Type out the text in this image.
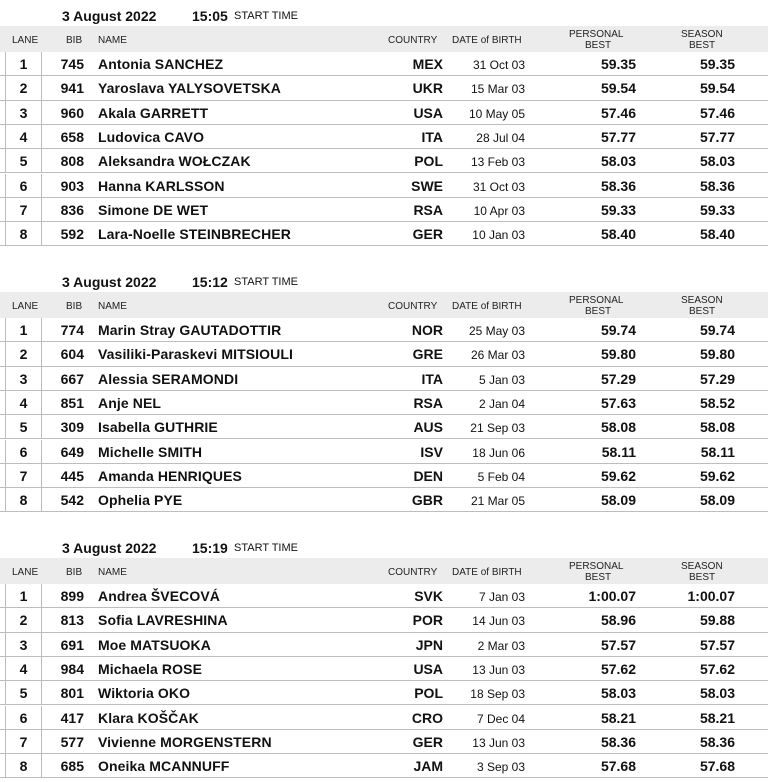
3 August 2022	15:05 START TIME
LANE	BIB NAME	COUNTRY DATE of BIRTH
PERSONAL
BEST
SEASON
BEST
1	745 Antonia SANCHEZ	MEX	31 Oct 03	59.35	59.35
2	941 Yaroslava YALYSOVETSKA	UKR	15 Mar 03	59.54	59.54
3	960 Akala GARRETT	USA	10 May 05	57.46	57.46
4	658 Ludovica CAVO	ITA	28 Jul 04	57.77	57.77
5	808 Aleksandra WOŁCZAK	POL	13 Feb 03	58.03	58.03
6	903 Hanna KARLSSON	SWE	31 Oct 03	58.36	58.36
7	836 Simone DE WET	RSA	10 Apr 03	59.33	59.33
8	592 Lara-Noelle STEINBRECHER	GER	10 Jan 03	58.40	58.40
3 August 2022	15:12 START TIME
LANE	BIB NAME	COUNTRY DATE of BIRTH
PERSONAL
BEST
SEASON
BEST
1	774 Marin Stray GAUTADOTTIR	NOR	25 May 03	59.74	59.74
2	604 Vasiliki-Paraskevi MITSIOULI	GRE	26 Mar 03	59.80	59.80
3	667 Alessia SERAMONDI	ITA	5 Jan 03	57.29	57.29
4	851 Anje NEL	RSA	2 Jan 04	57.63	58.52
5	309 Isabella GUTHRIE	AUS	21 Sep 03	58.08	58.08
6	649 Michelle SMITH	ISV	18 Jun 06	58.11	58.11
7	445 Amanda HENRIQUES	DEN	5 Feb 04	59.62	59.62
8	542 Ophelia PYE	GBR	21 Mar 05	58.09	58.09
3 August 2022	15:19 START TIME
LANE	BIB NAME	COUNTRY DATE of BIRTH
PERSONAL
BEST
SEASON
BEST
1	899 Andrea ŠVECOVÁ	SVK	7 Jan 03	1:00.07	1:00.07
2	813 Sofia LAVRESHINA	POR	14 Jun 03	58.96	59.88
3	691 Moe MATSUOKA	JPN	2 Mar 03	57.57	57.57
4	984 Michaela ROSE	USA	13 Jun 03	57.62	57.62
5	801 Wiktoria OKO	POL	18 Sep 03	58.03	58.03
6	417 Klara KOŠČAK	CRO	7 Dec 04	58.21	58.21
7	577 Vivienne MORGENSTERN	GER	13 Jun 03	58.36	58.36
8	685 Oneika MCANNUFF	JAM	3 Sep 03	57.68	57.68
